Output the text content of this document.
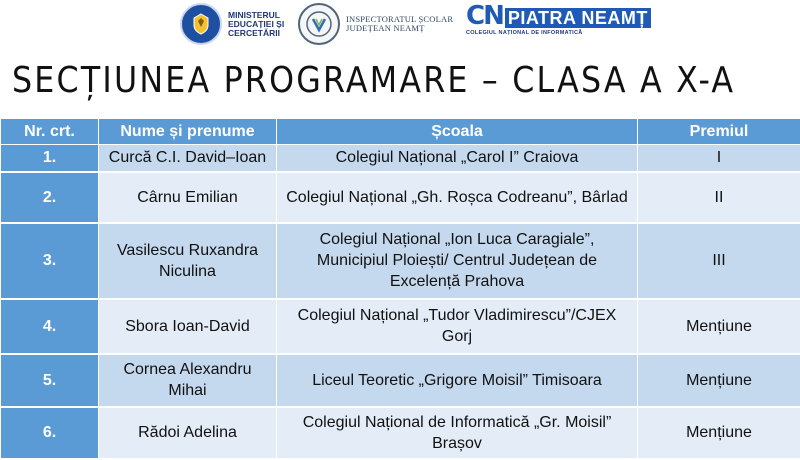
MINISTERUL
EDUCAȚIEI ȘI
CERCETĂRII
INSPECTORATUL ȘCOLAR
JUDEȚEAN NEAMȚ	CN PIATRA NEAMȚ
COLEGIUL NAȚIONAL DE INFORMATICĂ
SECȚIUNEA PROGRAMARE – CLASA A X-A
Nr. crt.	Nume și prenume	Școala	Premiul
1.	Curcă C.I. David–Ioan	Colegiul Național „Carol I” Craiova	I
2.	Cârnu Emilian	Colegiul Național „Gh. Roșca Codreanu”, Bârlad	II
3.	Vasilescu Ruxandra Niculina	Colegiul Național „Ion Luca Caragiale”, Municipiul Ploiești/ Centrul Județean de Excelență Prahova	III
4.	Sbora Ioan-David	Colegiul Național „Tudor Vladimirescu”/CJEX Gorj	Mențiune
5.	Cornea Alexandru Mihai	Liceul Teoretic „Grigore Moisil” Timisoara	Mențiune
6.	Rădoi Adelina	Colegiul Național de Informatică „Gr. Moisil” Brașov	Mențiune
